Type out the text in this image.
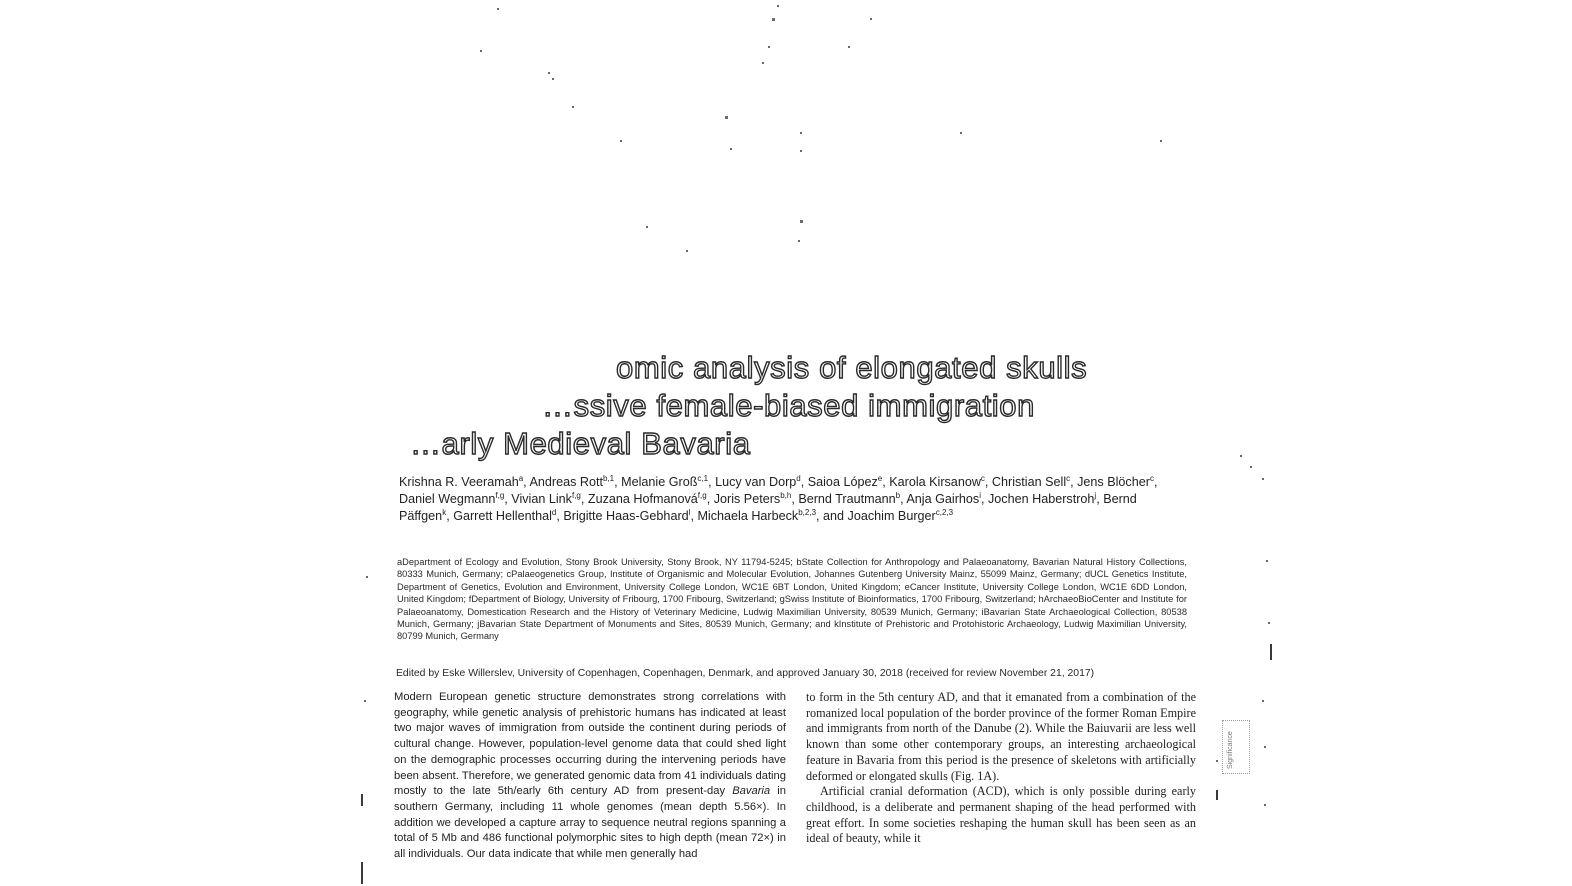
omic analysis of elongated skulls
…ssive female-biased immigration
…arly Medieval Bavaria
Krishna R. Veeramah$^a$, Andreas Rott$^{b,1}$, Melanie Groß$^{c,1}$, Lucy van Dorp$^d$, Saioa López$^e$, Karola Kirsanow$^c$, Christian Sell$^c$, Jens Blöcher$^c$, Daniel Wegmann$^{f,g}$, Vivian Link$^{f,g}$, Zuzana Hofmanová$^{f,g}$, Joris Peters$^{b,h}$, Bernd Trautmann$^b$, Anja Gairhos$^i$, Jochen Haberstroh$^j$, Bernd Päffgen$^k$, Garrett Hellenthal$^d$, Brigitte Haas-Gebhard$^l$, Michaela Harbeck$^{b,2,3}$, and Joachim Burger$^{c,2,3}$
aDepartment of Ecology and Evolution, Stony Brook University, Stony Brook, NY 11794-5245; bState Collection for Anthropology and Palaeoanatomy, Bavarian Natural History Collections, 80333 Munich, Germany; cPalaeogenetics Group, Institute of Organismic and Molecular Evolution, Johannes Gutenberg University Mainz, 55099 Mainz, Germany; dUCL Genetics Institute, Department of Genetics, Evolution and Environment, University College London, WC1E 6BT London, United Kingdom; eCancer Institute, University College London, WC1E 6DD London, United Kingdom; fDepartment of Biology, University of Fribourg, 1700 Fribourg, Switzerland; gSwiss Institute of Bioinformatics, 1700 Fribourg, Switzerland; hArchaeoBioCenter and Institute for Palaeoanatomy, Domestication Research and the History of Veterinary Medicine, Ludwig Maximilian University, 80539 Munich, Germany; iBavarian State Archaeological Collection, 80538 Munich, Germany; jBavarian State Department of Monuments and Sites, 80539 Munich, Germany; and kInstitute of Prehistoric and Protohistoric Archaeology, Ludwig Maximilian University, 80799 Munich, Germany
Edited by Eske Willerslev, University of Copenhagen, Copenhagen, Denmark, and approved January 30, 2018 (received for review November 21, 2017)
Modern European genetic structure demonstrates strong correlations with geography, while genetic analysis of prehistoric humans has indicated at least two major waves of immigration from outside the continent during periods of cultural change. However, population-level genome data that could shed light on the demographic processes occurring during the intervening periods have been absent. Therefore, we generated genomic data from 41 individuals dating mostly to the late 5th/early 6th century AD from present-day Bavaria in southern Germany, including 11 whole genomes (mean depth 5.56×). In addition we developed a capture array to sequence neutral regions spanning a total of 5 Mb and 486 functional polymorphic sites to high depth (mean 72×) in all individuals. Our data indicate that while men generally had

to form in the 5th century AD, and that it emanated from a combination of the romanized local population of the border province of the former Roman Empire and immigrants from north of the Danube (2). While the Baiuvarii are less well known than some other contemporary groups, an interesting archaeological feature in Bavaria from this period is the presence of skeletons with artificially deformed or elongated skulls (Fig. 1A).

Artificial cranial deformation (ACD), which is only possible during early childhood, is a deliberate and permanent shaping of the head performed with great effort. In some societies reshaping the human skull has been seen as an ideal of beauty, while it

Significance
